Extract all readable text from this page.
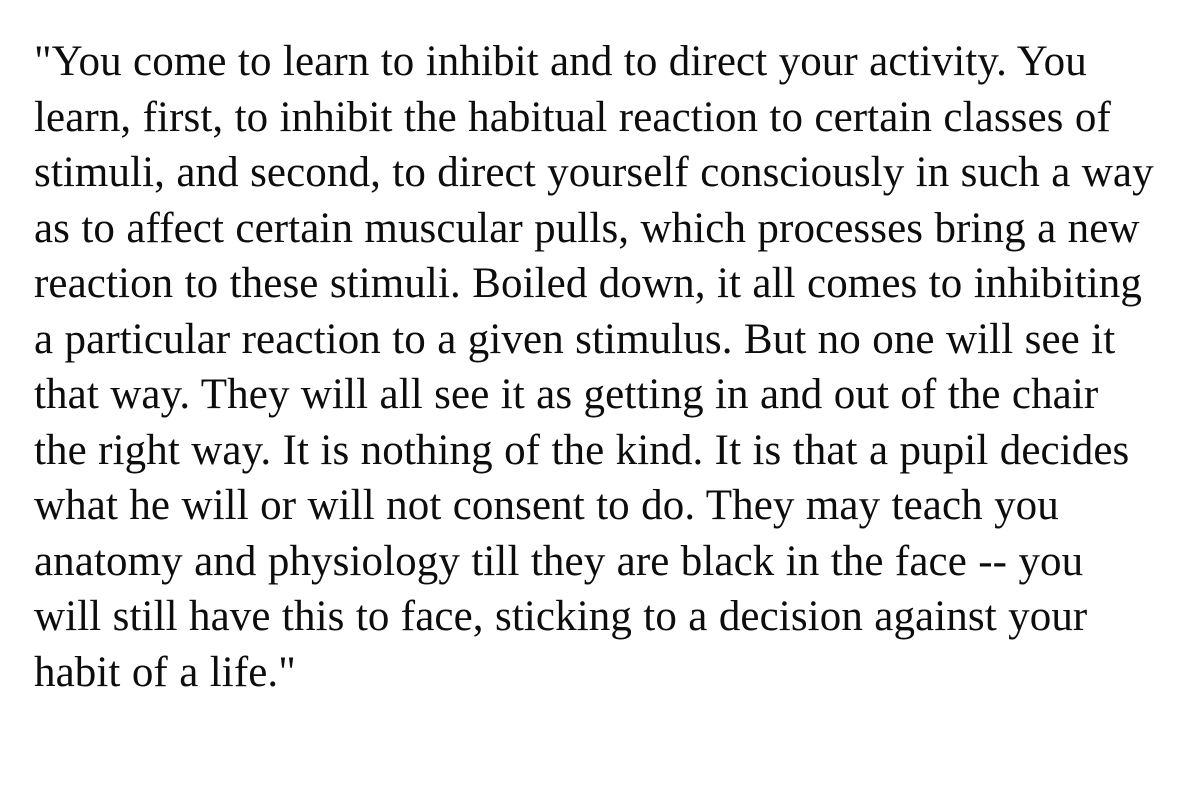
"You come to learn to inhibit and to direct your activity. You learn, first, to inhibit the habitual reaction to certain classes of stimuli, and second, to direct yourself consciously in such a way as to affect certain muscular pulls, which processes bring a new reaction to these stimuli. Boiled down, it all comes to inhibiting a particular reaction to a given stimulus. But no one will see it that way. They will all see it as getting in and out of the chair the right way. It is nothing of the kind. It is that a pupil decides what he will or will not consent to do. They may teach you anatomy and physiology till they are black in the face -- you will still have this to face, sticking to a decision against your habit of a life."
